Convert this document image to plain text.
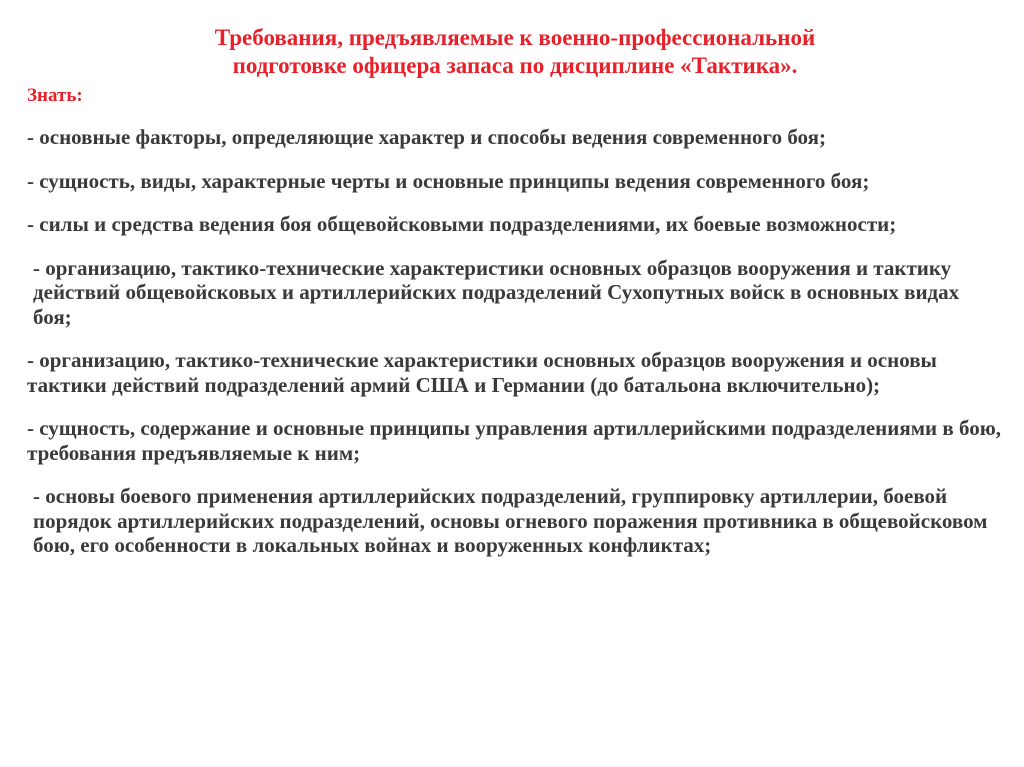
Требования, предъявляемые к военно-профессиональной
подготовке офицера запаса по дисциплине «Тактика».
Знать:
- основные факторы, определяющие характер и способы ведения современного боя;
- сущность, виды, характерные черты и основные принципы ведения современного боя;
- силы и средства ведения боя общевойсковыми подразделениями, их боевые возможности;
- организацию, тактико-технические характеристики основных образцов вооружения и тактику действий общевойсковых и артиллерийских подразделений Сухопутных войск в основных видах боя;
- организацию, тактико-технические характеристики основных образцов вооружения и основы тактики действий подразделений армий США и Германии (до батальона включительно);
- сущность, содержание и основные принципы управления артиллерийскими подразделениями в бою, требования предъявляемые к ним;
- основы боевого применения артиллерийских подразделений, группировку артиллерии, боевой порядок артиллерийских подразделений, основы огневого поражения противника в общевойсковом бою, его особенности в локальных войнах и вооруженных конфликтах;
